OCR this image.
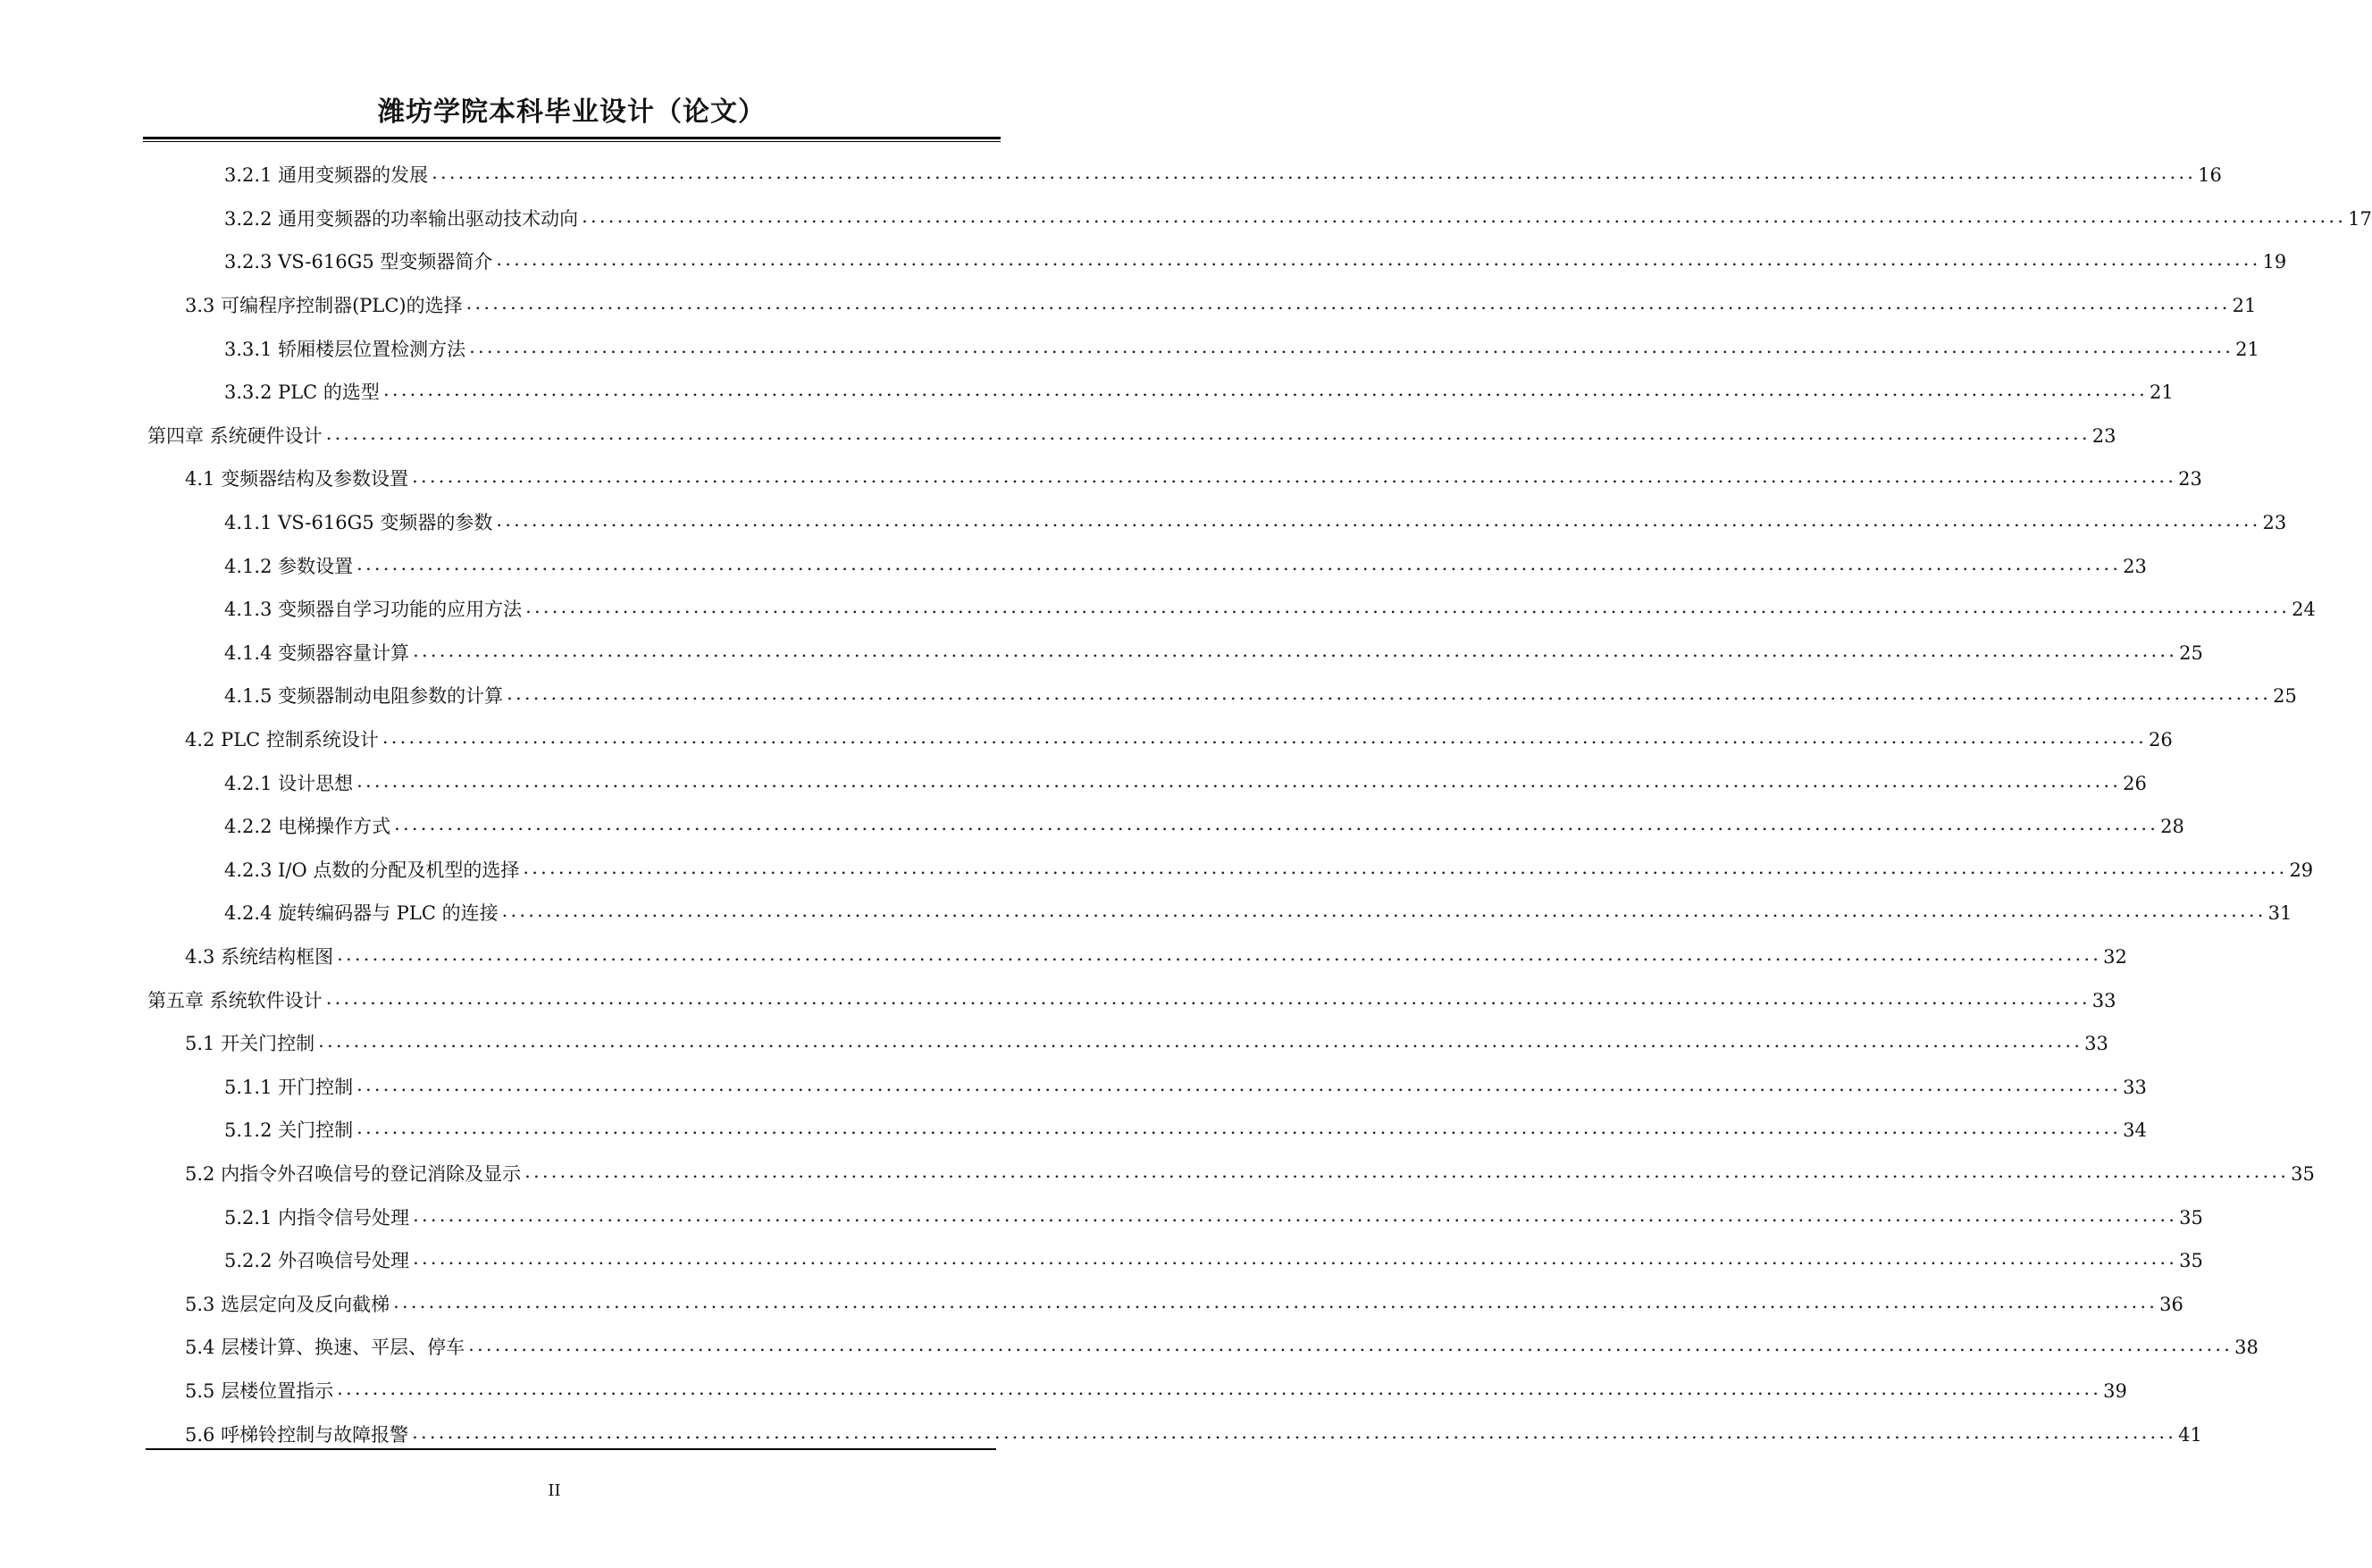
潍坊学院本科毕业设计（论文）
3.2.1 通用变频器的发展 ........................................................................................................................................................................................................ 16
3.2.2 通用变频器的功率输出驱动技术动向 ........................................................................................................................................................................................................ 17
3.2.3 VS-616G5 型变频器简介 ........................................................................................................................................................................................................ 19
3.3 可编程序控制器(PLC)的选择 ........................................................................................................................................................................................................ 21
3.3.1 轿厢楼层位置检测方法 ........................................................................................................................................................................................................ 21
3.3.2 PLC 的选型 ........................................................................................................................................................................................................ 21
第四章 系统硬件设计 ........................................................................................................................................................................................................ 23
4.1 变频器结构及参数设置 ........................................................................................................................................................................................................ 23
4.1.1 VS-616G5 变频器的参数 ........................................................................................................................................................................................................ 23
4.1.2 参数设置 ........................................................................................................................................................................................................ 23
4.1.3 变频器自学习功能的应用方法 ........................................................................................................................................................................................................ 24
4.1.4 变频器容量计算 ........................................................................................................................................................................................................ 25
4.1.5 变频器制动电阻参数的计算 ........................................................................................................................................................................................................ 25
4.2 PLC 控制系统设计 ........................................................................................................................................................................................................ 26
4.2.1 设计思想 ........................................................................................................................................................................................................ 26
4.2.2 电梯操作方式 ........................................................................................................................................................................................................ 28
4.2.3 I/O 点数的分配及机型的选择 ........................................................................................................................................................................................................ 29
4.2.4 旋转编码器与 PLC 的连接 ........................................................................................................................................................................................................ 31
4.3 系统结构框图 ........................................................................................................................................................................................................ 32
第五章 系统软件设计 ........................................................................................................................................................................................................ 33
5.1 开关门控制 ........................................................................................................................................................................................................ 33
5.1.1 开门控制 ........................................................................................................................................................................................................ 33
5.1.2 关门控制 ........................................................................................................................................................................................................ 34
5.2 内指令外召唤信号的登记消除及显示 ........................................................................................................................................................................................................ 35
5.2.1 内指令信号处理 ........................................................................................................................................................................................................ 35
5.2.2 外召唤信号处理 ........................................................................................................................................................................................................ 35
5.3 选层定向及反向截梯 ........................................................................................................................................................................................................ 36
5.4 层楼计算、换速、平层、停车 ........................................................................................................................................................................................................ 38
5.5 层楼位置指示 ........................................................................................................................................................................................................ 39
5.6 呼梯铃控制与故障报警 ........................................................................................................................................................................................................ 41
II
